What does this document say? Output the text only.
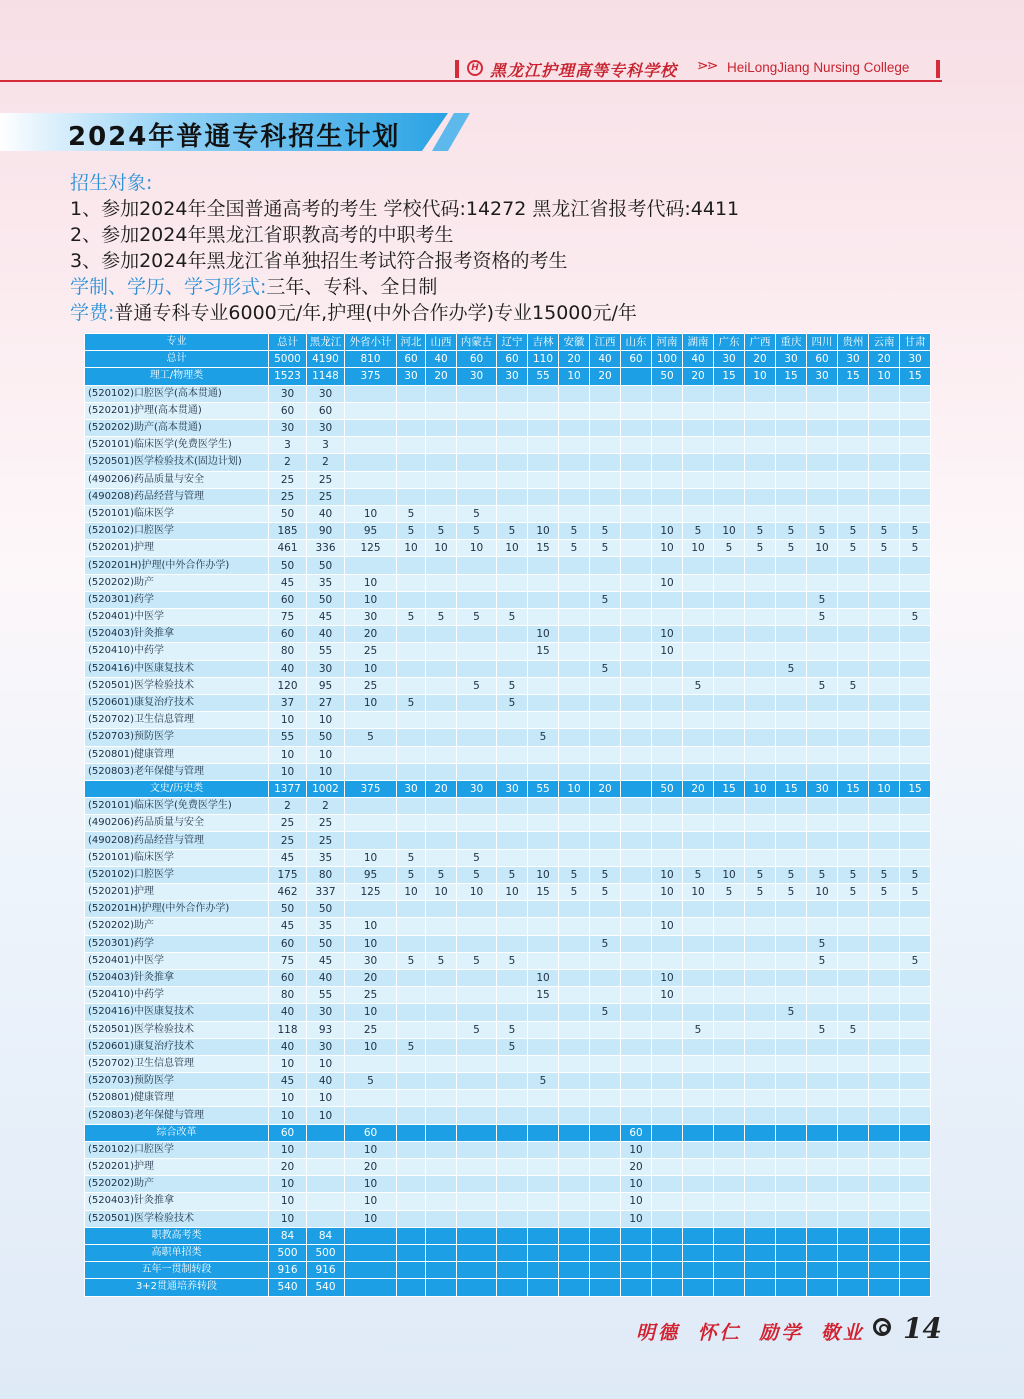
H 黑龙江护理高等专科学校 ⋗⋗ HeiLongJiang Nursing College
2024年普通专科招生计划
招生对象:
1、参加2024年全国普通高考的考生 学校代码:14272 黑龙江省报考代码:4411
2、参加2024年黑龙江省职教高考的中职考生
3、参加2024年黑龙江省单独招生考试符合报考资格的考生
学制、学历、学习形式:三年、专科、全日制
学费:普通专科专业6000元/年,护理(中外合作办学)专业15000元/年
专业	总计	黑龙江	外省小计	河北	山西	内蒙古	辽宁	吉林	安徽	江西	山东	河南	湖南	广东	广西	重庆	四川	贵州	云南	甘肃
总计	5000	4190	810	60	40	60	60	110	20	40	60	100	40	30	20	30	60	30	20	30
理工/物理类	1523	1148	375	30	20	30	30	55	10	20		50	20	15	10	15	30	15	10	15
(520102)口腔医学(高本贯通)	30	30																		
(520201)护理(高本贯通)	60	60																		
(520202)助产(高本贯通)	30	30																		
(520101)临床医学(免费医学生)	3	3																		
(520501)医学检验技术(固边计划)	2	2																		
(490206)药品质量与安全	25	25																		
(490208)药品经营与管理	25	25																		
(520101)临床医学	50	40	10	5		5														
(520102)口腔医学	185	90	95	5	5	5	5	10	5	5		10	5	10	5	5	5	5	5	5
(520201)护理	461	336	125	10	10	10	10	15	5	5		10	10	5	5	5	10	5	5	5
(520201H)护理(中外合作办学)	50	50																		
(520202)助产	45	35	10									10								
(520301)药学	60	50	10							5							5			
(520401)中医学	75	45	30	5	5	5	5										5			5
(520403)针灸推拿	60	40	20					10				10								
(520410)中药学	80	55	25					15				10								
(520416)中医康复技术	40	30	10							5						5				
(520501)医学检验技术	120	95	25			5	5						5				5	5		
(520601)康复治疗技术	37	27	10	5			5													
(520702)卫生信息管理	10	10																		
(520703)预防医学	55	50	5					5												
(520801)健康管理	10	10																		
(520803)老年保健与管理	10	10																		
文史/历史类	1377	1002	375	30	20	30	30	55	10	20		50	20	15	10	15	30	15	10	15
(520101)临床医学(免费医学生)	2	2																		
(490206)药品质量与安全	25	25																		
(490208)药品经营与管理	25	25																		
(520101)临床医学	45	35	10	5		5														
(520102)口腔医学	175	80	95	5	5	5	5	10	5	5		10	5	10	5	5	5	5	5	5
(520201)护理	462	337	125	10	10	10	10	15	5	5		10	10	5	5	5	10	5	5	5
(520201H)护理(中外合作办学)	50	50																		
(520202)助产	45	35	10									10								
(520301)药学	60	50	10							5							5			
(520401)中医学	75	45	30	5	5	5	5										5			5
(520403)针灸推拿	60	40	20					10				10								
(520410)中药学	80	55	25					15				10								
(520416)中医康复技术	40	30	10							5						5				
(520501)医学检验技术	118	93	25			5	5						5				5	5		
(520601)康复治疗技术	40	30	10	5			5													
(520702)卫生信息管理	10	10																		
(520703)预防医学	45	40	5					5												
(520801)健康管理	10	10																		
(520803)老年保健与管理	10	10																		
综合改革	60		60								60									
(520102)口腔医学	10		10								10									
(520201)护理	20		20								20									
(520202)助产	10		10								10									
(520403)针灸推拿	10		10								10									
(520501)医学检验技术	10		10								10									
职教高考类	84	84																		
高职单招类	500	500																		
五年一贯制转段	916	916																		
3+2贯通培养转段	540	540																		
明德 怀仁 励学 敬业 14
